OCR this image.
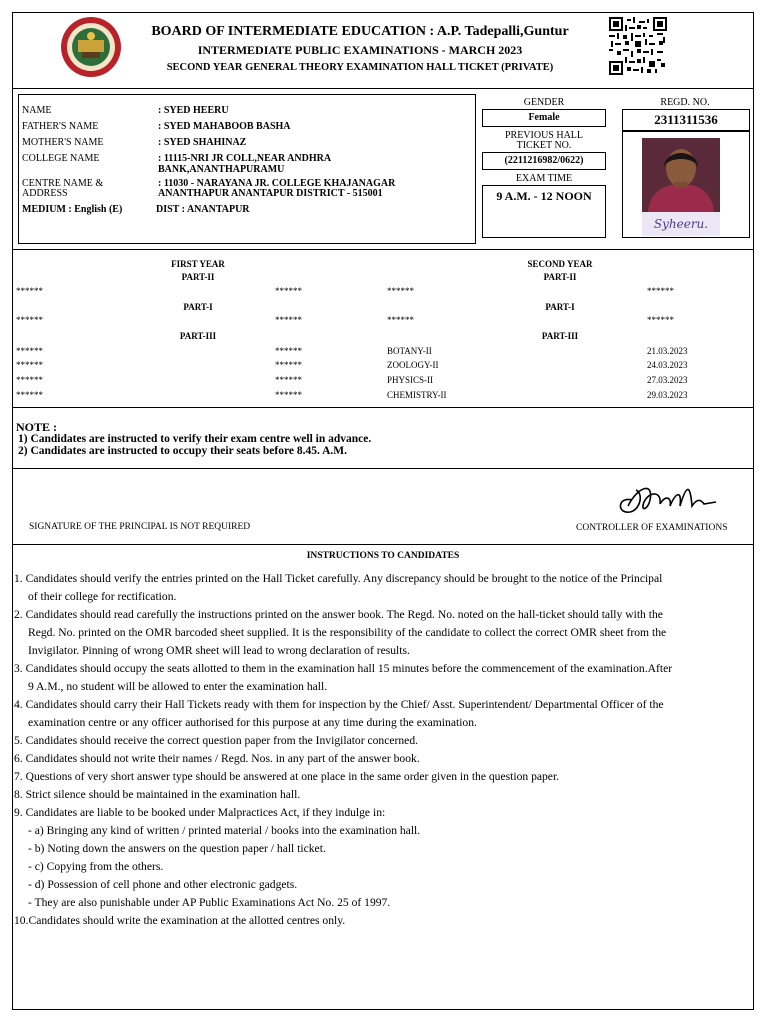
BOARD OF INTERMEDIATE EDUCATION : A.P. Tadepalli,Guntur
INTERMEDIATE PUBLIC EXAMINATIONS - MARCH 2023
SECOND YEAR GENERAL THEORY EXAMINATION HALL TICKET (PRIVATE)
NAME	: SYED HEERU
FATHER'S NAME	: SYED MAHABOOB BASHA
MOTHER'S NAME	: SYED SHAHINAZ
COLLEGE NAME	: 11115-NRI JR COLL,NEAR ANDHRA
BANK,ANANTHAPURAMU
CENTRE NAME &
ADDRESS
: 11030 - NARAYANA JR. COLLEGE KHAJANAGAR
ANANTHAPUR ANANTAPUR DISTRICT - 515001
MEDIUM : English (E)	DIST : ANANTAPUR
GENDER
Female
REGD. NO.
2311311536
PREVIOUS HALL
TICKET NO.
(2211216982/0622)
EXAM TIME
9 A.M. - 12 NOON
Syheeru.
FIRST YEAR	SECOND YEAR
PART-II	PART-II
******	******	******	******
PART-I	PART-I
******	******	******	******
PART-III	PART-III
******	******	BOTANY-II	21.03.2023
******	******	ZOOLOGY-II	24.03.2023
******	******	PHYSICS-II	27.03.2023
******	******	CHEMISTRY-II	29.03.2023
NOTE :
1) Candidates are instructed to verify their exam centre well in advance.
2) Candidates are instructed to occupy their seats before 8.45. A.M.
SIGNATURE OF THE PRINCIPAL IS NOT REQUIRED	CONTROLLER OF EXAMINATIONS
INSTRUCTIONS TO CANDIDATES
1. Candidates should verify the entries printed on the Hall Ticket carefully. Any discrepancy should be brought to the notice of the Principal
of their college for rectification.
2. Candidates should read carefully the instructions printed on the answer book. The Regd. No. noted on the hall-ticket should tally with the
Regd. No. printed on the OMR barcoded sheet supplied. It is the responsibility of the candidate to collect the correct OMR sheet from the
Invigilator. Pinning of wrong OMR sheet will lead to wrong declaration of results.
3. Candidates should occupy the seats allotted to them in the examination hall 15 minutes before the commencement of the examination.After
9 A.M., no student will be allowed to enter the examination hall.
4. Candidates should carry their Hall Tickets ready with them for inspection by the Chief/ Asst. Superintendent/ Departmental Officer of the
examination centre or any officer authorised for this purpose at any time during the examination.
5. Candidates should receive the correct question paper from the Invigilator concerned.
6. Candidates should not write their names / Regd. Nos. in any part of the answer book.
7. Questions of very short answer type should be answered at one place in the same order given in the question paper.
8. Strict silence should be maintained in the examination hall.
9. Candidates are liable to be booked under Malpractices Act, if they indulge in:
- a) Bringing any kind of written / printed material / books into the examination hall.
- b) Noting down the answers on the question paper / hall ticket.
- c) Copying from the others.
- d) Possession of cell phone and other electronic gadgets.
- They are also punishable under AP Public Examinations Act No. 25 of 1997.
10.Candidates should write the examination at the allotted centres only.
